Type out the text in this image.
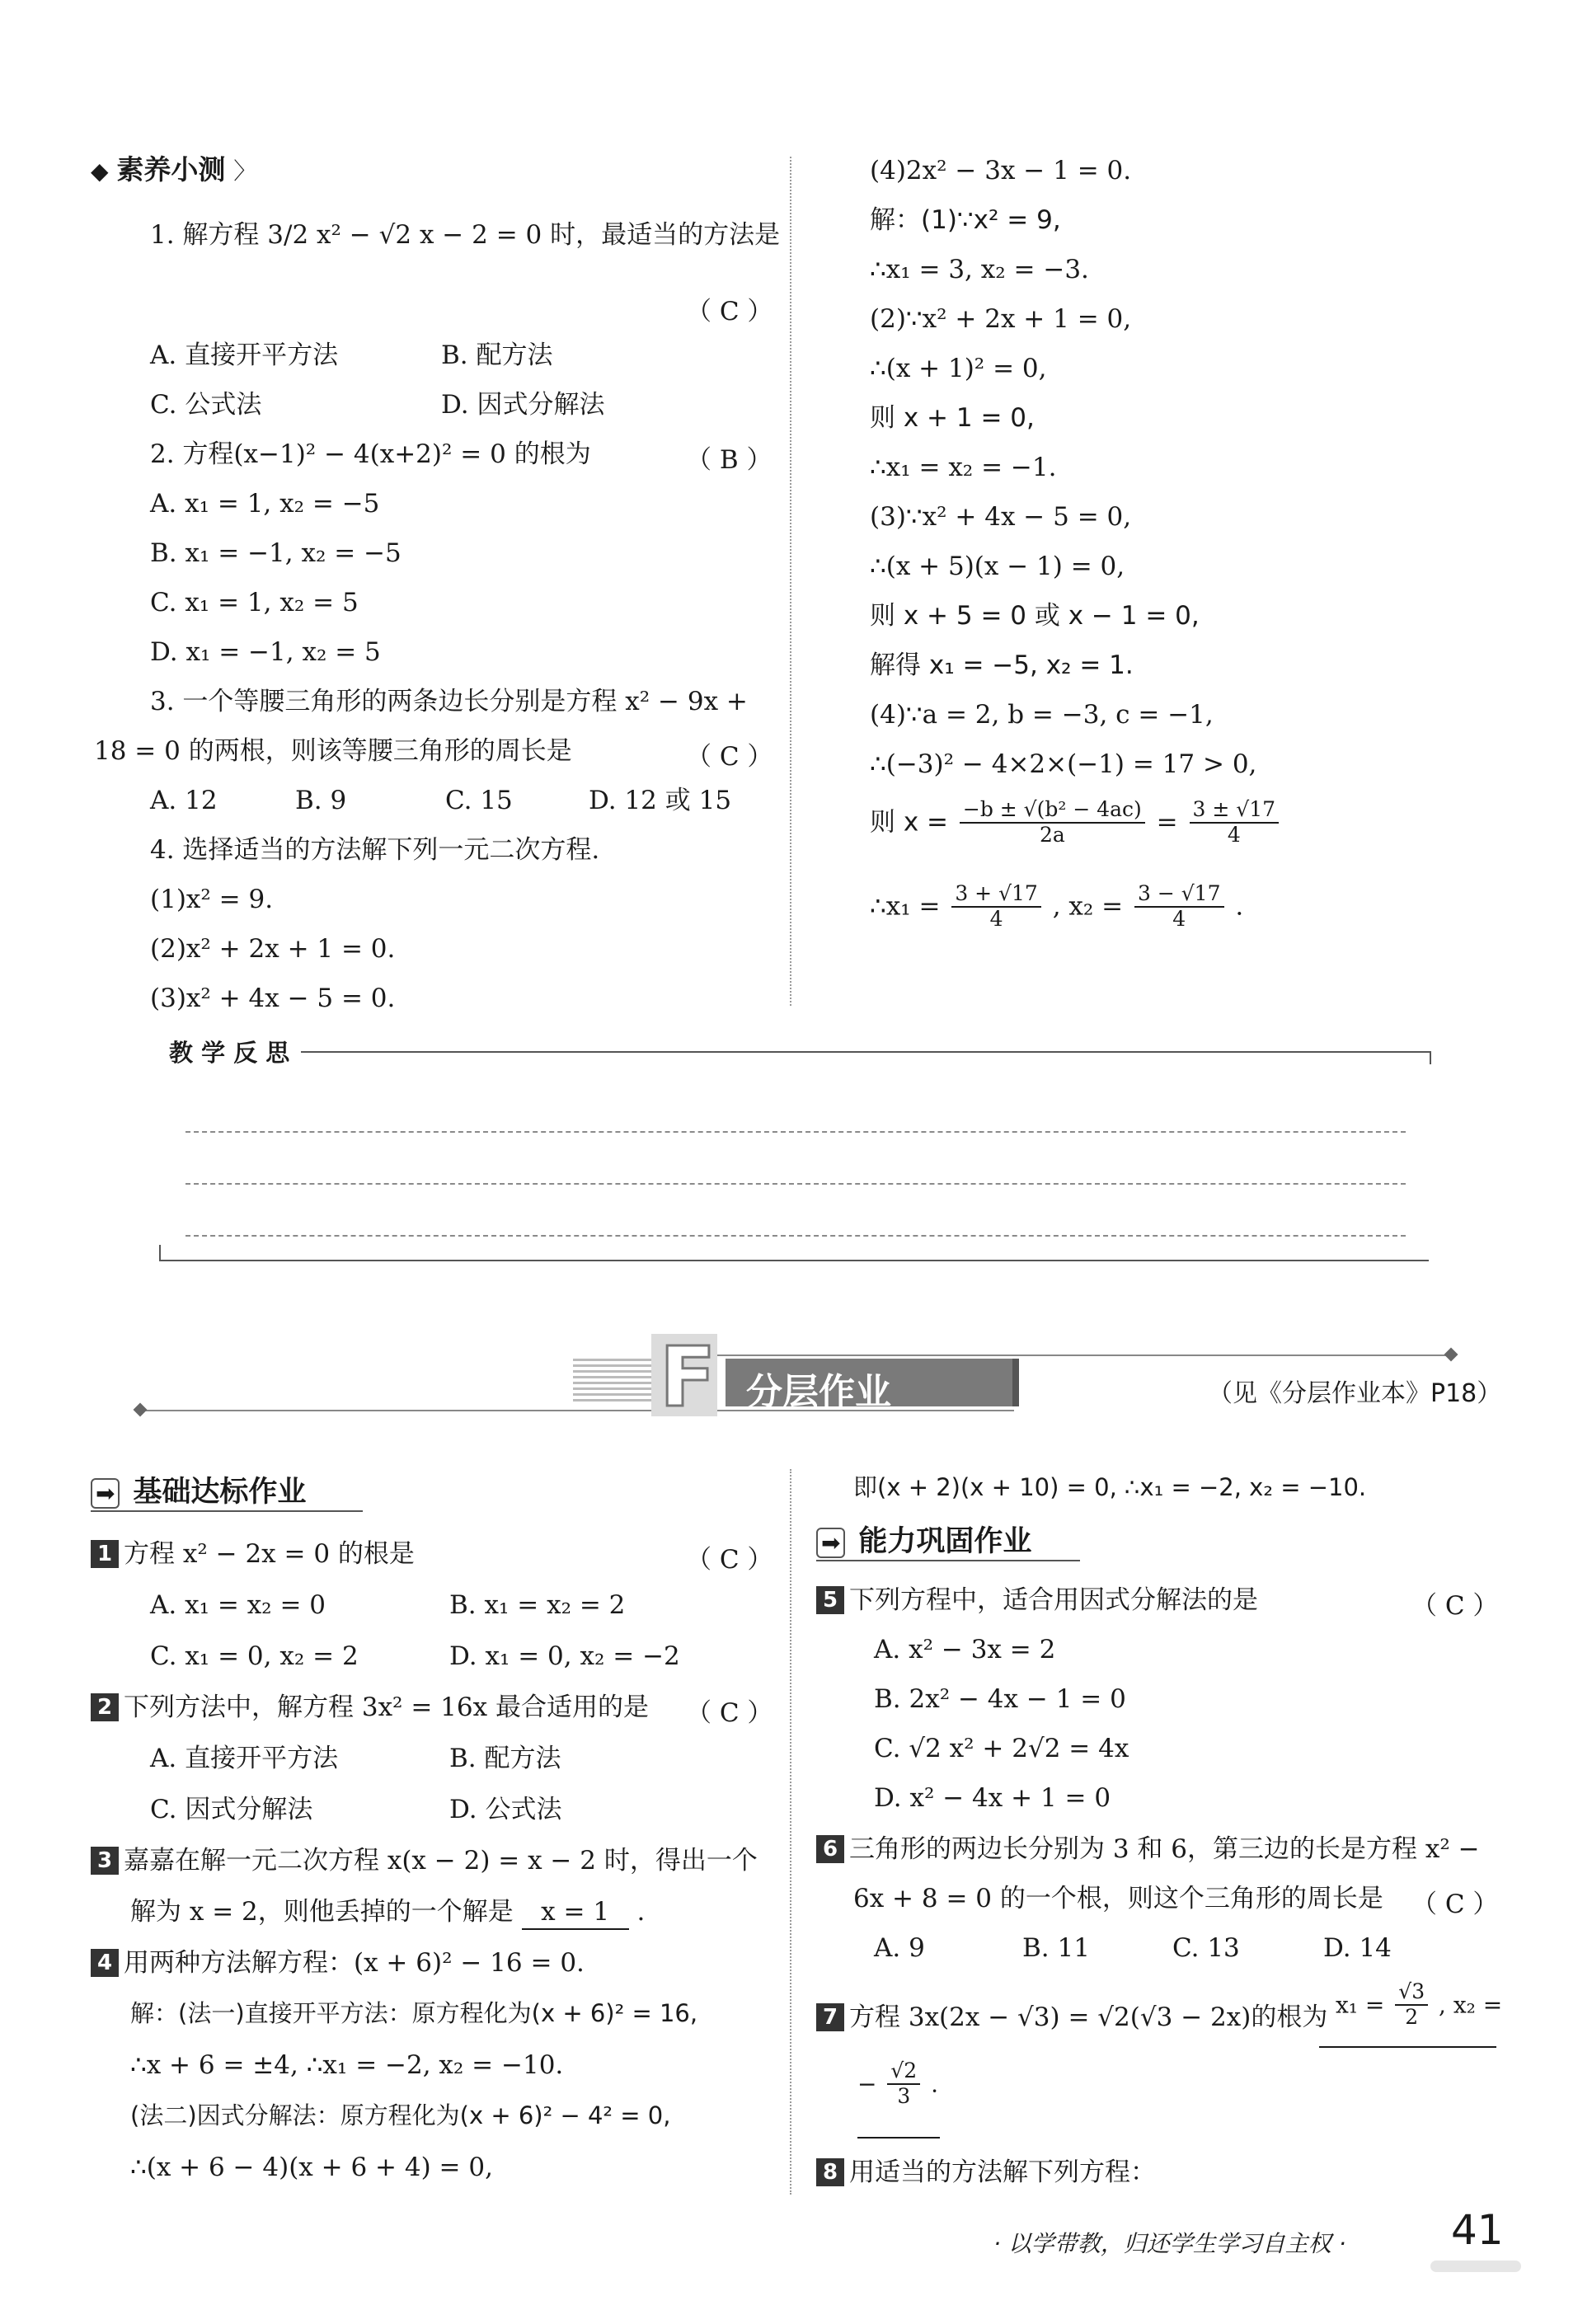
◆ 素养小测 〉
1. 解方程 3/2 x² − √2 x − 2 = 0 时，最适当的方法是
（ C ）
A. 直接开平方法	B. 配方法
C. 公式法	D. 因式分解法
2. 方程(x−1)² − 4(x+2)² = 0 的根为	（ B ）
A. x₁ = 1, x₂ = −5
B. x₁ = −1, x₂ = −5
C. x₁ = 1, x₂ = 5
D. x₁ = −1, x₂ = 5
3. 一个等腰三角形的两条边长分别是方程 x² − 9x +
18 = 0 的两根，则该等腰三角形的周长是	（ C ）
A. 12	B. 9	C. 15	D. 12 或 15
4. 选择适当的方法解下列一元二次方程.
(1)x² = 9.
(2)x² + 2x + 1 = 0.
(3)x² + 4x − 5 = 0.
(4)2x² − 3x − 1 = 0.
解：(1)∵x² = 9,
∴x₁ = 3, x₂ = −3.
(2)∵x² + 2x + 1 = 0,
∴(x + 1)² = 0,
则 x + 1 = 0,
∴x₁ = x₂ = −1.
(3)∵x² + 4x − 5 = 0,
∴(x + 5)(x − 1) = 0,
则 x + 5 = 0 或 x − 1 = 0,
解得 x₁ = −5, x₂ = 1.
(4)∵a = 2, b = −3, c = −1,
∴(−3)² − 4×2×(−1) = 17 > 0,
则 $x = \frac{\text{−b ± √(b² − 4ac)}}{2a} = \frac{3 \pm √17}{4}$
∴x₁ = $\frac{3 + √17}{4}$ , $x_2 = \frac{3 - √17}{4}$ .
教 学 反 思
F 分层作业	（见《分层作业本》P18）
➡ 基础达标作业
1 方程 x² − 2x = 0 的根是	（ C ）
A. x₁ = x₂ = 0	B. x₁ = x₂ = 2
C. x₁ = 0, x₂ = 2	D. x₁ = 0, x₂ = −2
2 下列方法中，解方程 3x² = 16x 最合适用的是 （ C ）
A. 直接开平方法	B. 配方法
C. 因式分解法	D. 公式法
3 嘉嘉在解一元二次方程 x(x − 2) = x − 2 时，得出一个
解为 x = 2，则他丢掉的一个解是 x = 1 .
4 用两种方法解方程：(x + 6)² − 16 = 0.
解：(法一)直接开平方法：原方程化为(x + 6)² = 16,
∴x + 6 = ±4, ∴x₁ = −2, x₂ = −10.
(法二)因式分解法：原方程化为(x + 6)² − 4² = 0,
∴(x + 6 − 4)(x + 6 + 4) = 0,
即(x + 2)(x + 10) = 0, ∴x₁ = −2, x₂ = −10.
➡ 能力巩固作业
5 下列方程中，适合用因式分解法的是	（ C ）
A. x² − 3x = 2
B. 2x² − 4x − 1 = 0
C. √2 x² + 2√2 = 4x
D. x² − 4x + 1 = 0
6 三角形的两边长分别为 3 和 6，第三边的长是方程 x² −
6x + 8 = 0 的一个根，则这个三角形的周长是 （ C ）
A. 9	B. 11	C. 13	D. 14
7 方程 3x(2x − √3) = √2(√3 − 2x)的根为 $x_1 = \frac{√3}{2}$ , x₂ =
− $\frac{√2}{3}$ .
8 用适当的方法解下列方程：
· 以学带教，归还学生学习自主权 ·	41
